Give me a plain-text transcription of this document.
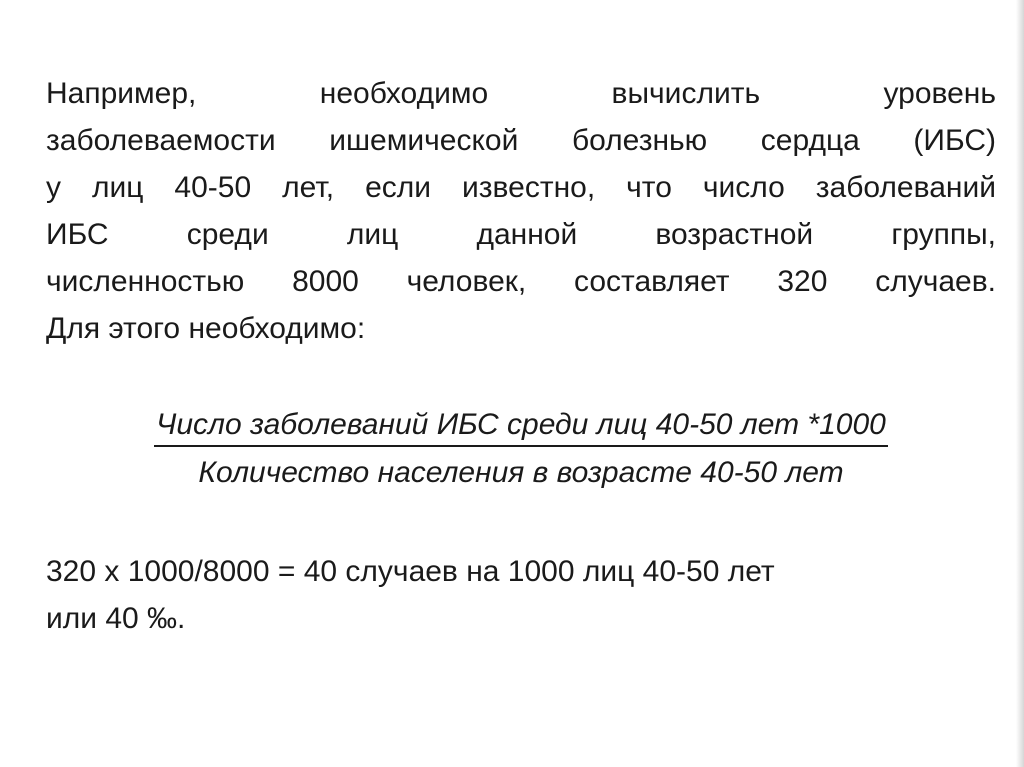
Например, необходимо вычислить уровень
заболеваемости ишемической болезнью сердца (ИБС)
у лиц 40-50 лет, если известно, что число заболеваний
ИБС среди лиц данной возрастной группы,
численностью 8000 человек, составляет 320 случаев.
Для этого необходимо:
Число заболеваний ИБС среди лиц 40-50 лет *1000
Количество населения в возрасте 40-50 лет
320 х 1000/8000 = 40 случаев на 1000 лиц 40-50 лет
или 40 ‰.
